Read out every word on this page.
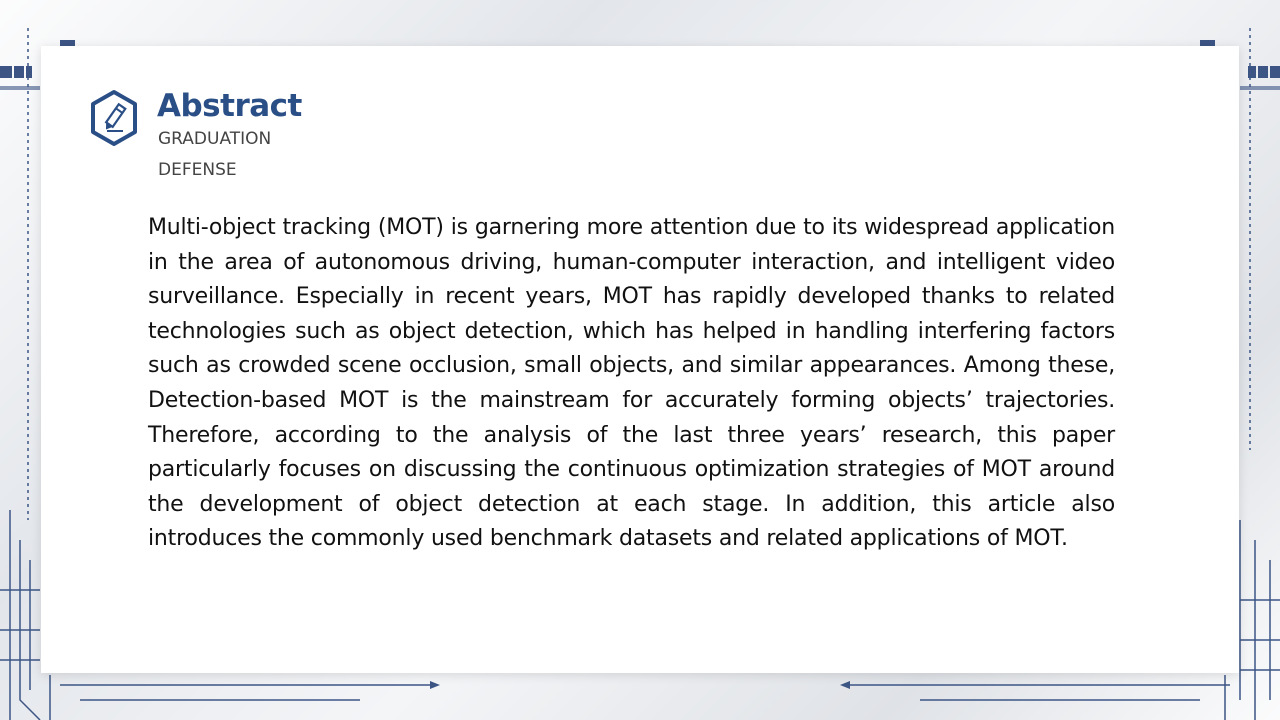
Abstract
GRADUATION DEFENSE

Multi-object tracking (MOT) is garnering more attention due to its widespread application in the area of autonomous driving, human-computer interaction, and intelligent video surveillance. Especially in recent years, MOT has rapidly developed thanks to related technologies such as object detection, which has helped in handling interfering factors such as crowded scene occlusion, small objects, and similar appearances. Among these, Detection-based MOT is the mainstream for accurately forming objects’ trajectories. Therefore, according to the analysis of the last three years’ research, this paper particularly focuses on discussing the continuous optimization strategies of MOT around the development of object detection at each stage. In addition, this article also introduces the commonly used benchmark datasets and related applications of MOT.
